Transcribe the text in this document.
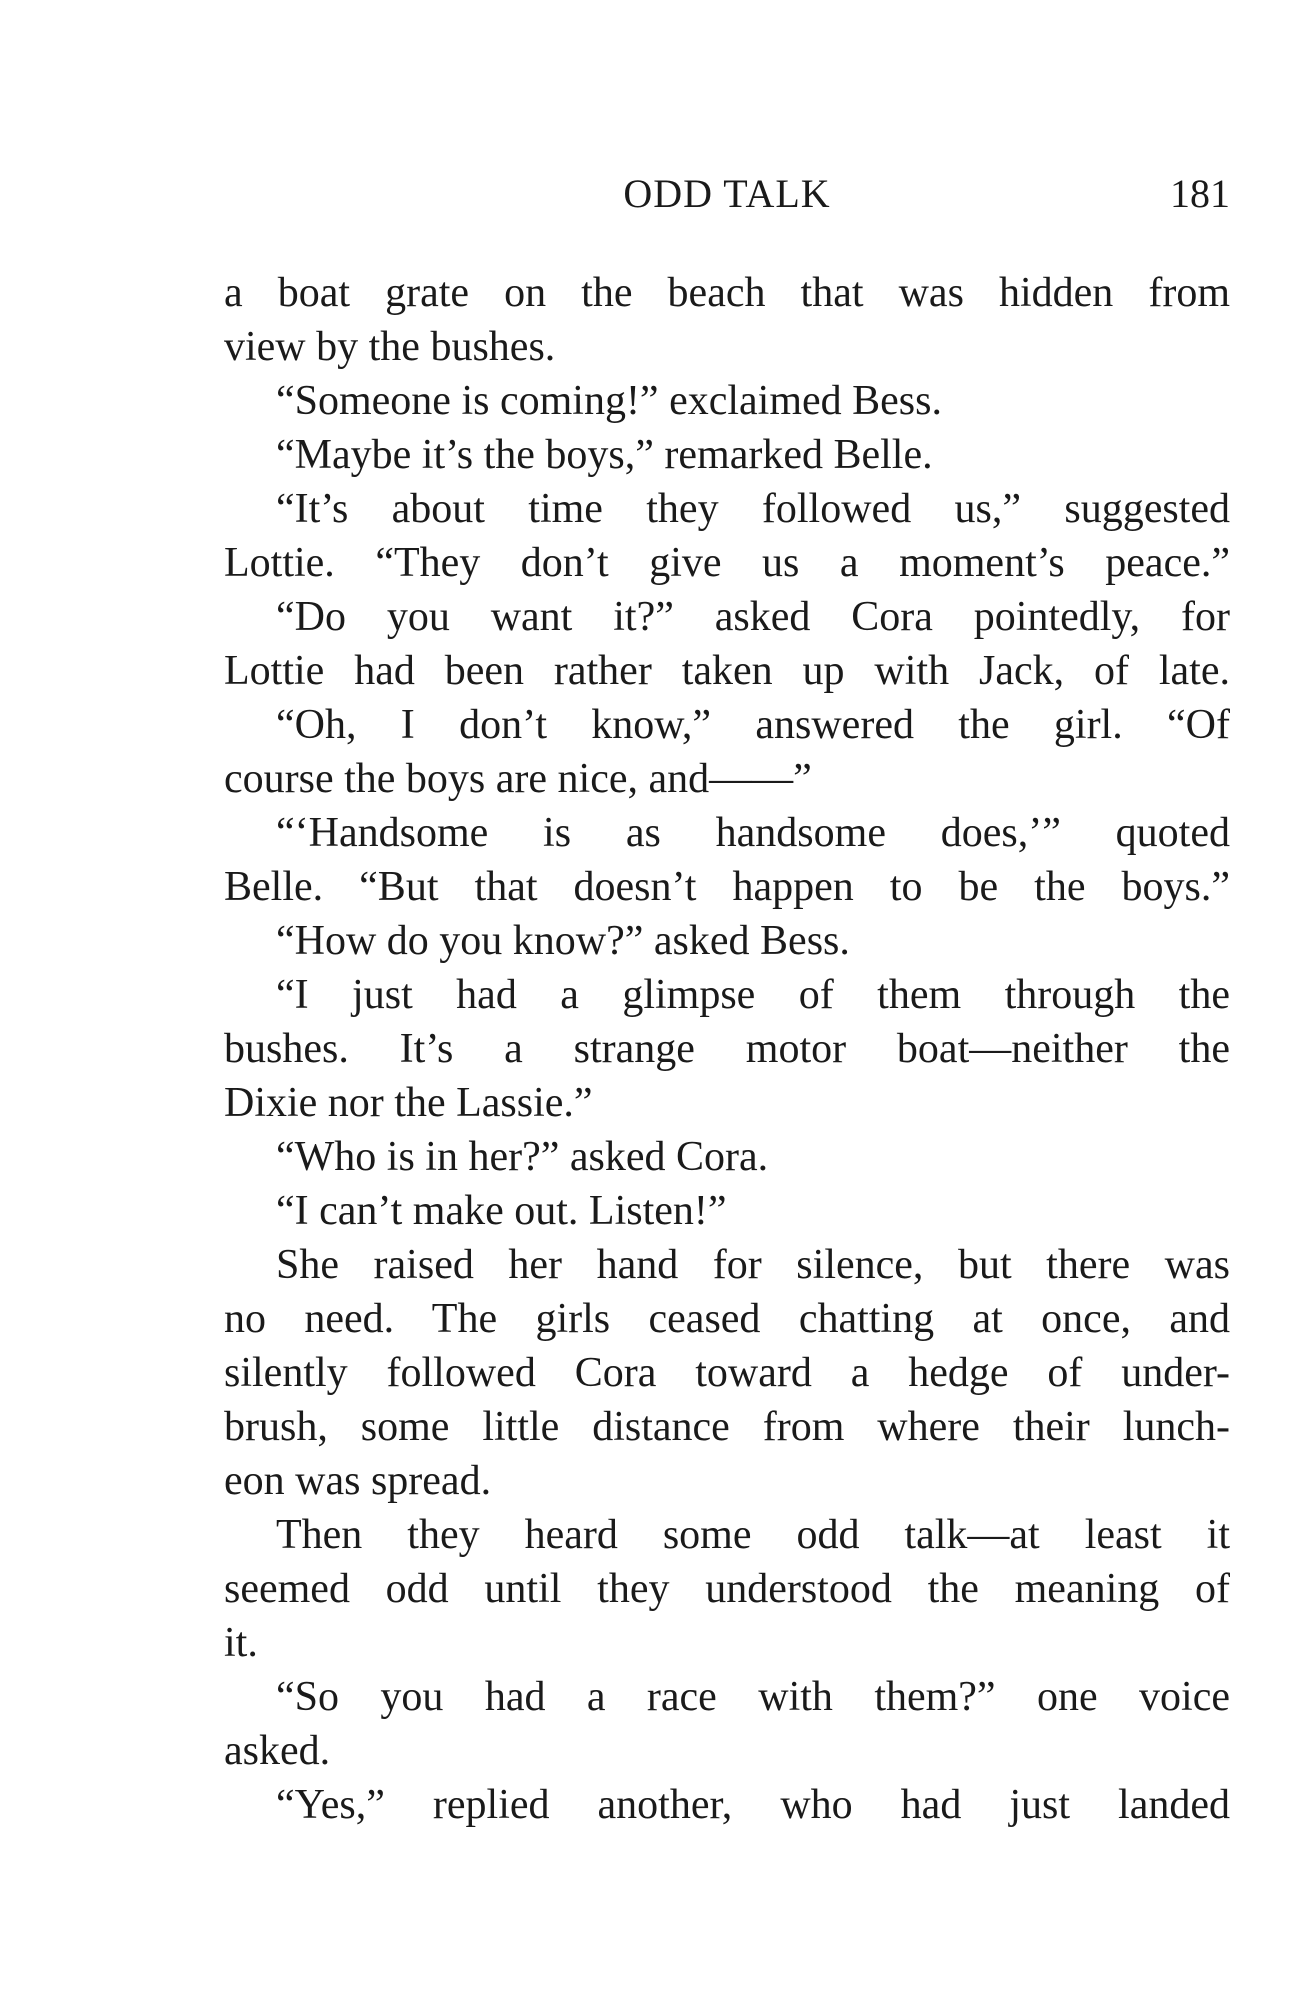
ODD TALK	181
a boat grate on the beach that was hidden from
view by the bushes.
“Someone is coming!” exclaimed Bess.
“Maybe it’s the boys,” remarked Belle.
“It’s about time they followed us,” suggested
Lottie. “They don’t give us a moment’s peace.”
“Do you want it?” asked Cora pointedly, for
Lottie had been rather taken up with Jack, of late.
“Oh, I don’t know,” answered the girl. “Of
course the boys are nice, and——”
“‘Handsome is as handsome does,’” quoted
Belle. “But that doesn’t happen to be the boys.”
“How do you know?” asked Bess.
“I just had a glimpse of them through the
bushes. It’s a strange motor boat—neither the
Dixie nor the Lassie.”
“Who is in her?” asked Cora.
“I can’t make out. Listen!”
She raised her hand for silence, but there was
no need. The girls ceased chatting at once, and
silently followed Cora toward a hedge of under-
brush, some little distance from where their lunch-
eon was spread.
Then they heard some odd talk—at least it
seemed odd until they understood the meaning of
it.
“So you had a race with them?” one voice
asked.
“Yes,” replied another, who had just landed
